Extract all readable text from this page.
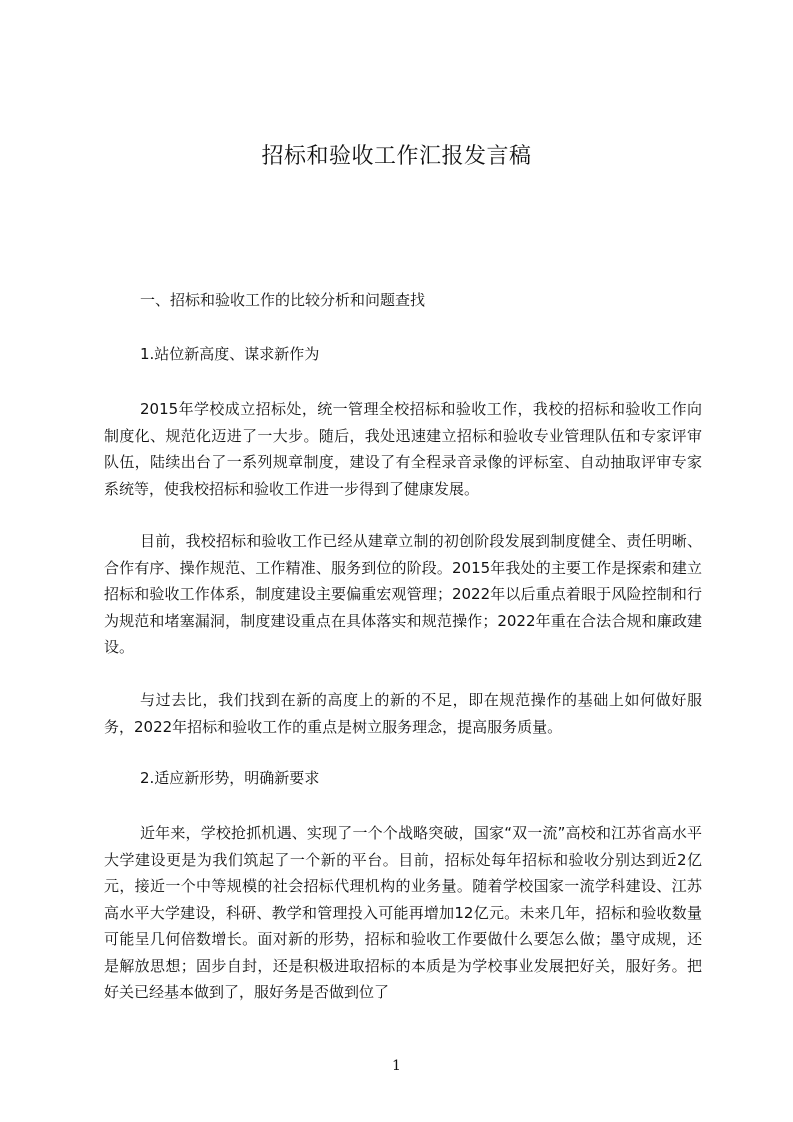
招标和验收工作汇报发言稿
一、招标和验收工作的比较分析和问题查找
1.站位新高度、谋求新作为
2015年学校成立招标处，统一管理全校招标和验收工作，我校的招标和验收工作向制度化、规范化迈进了一大步。随后，我处迅速建立招标和验收专业管理队伍和专家评审队伍，陆续出台了一系列规章制度，建设了有全程录音录像的评标室、自动抽取评审专家系统等，使我校招标和验收工作进一步得到了健康发展。
目前，我校招标和验收工作已经从建章立制的初创阶段发展到制度健全、责任明晰、合作有序、操作规范、工作精准、服务到位的阶段。2015年我处的主要工作是探索和建立招标和验收工作体系，制度建设主要偏重宏观管理；2022年以后重点着眼于风险控制和行为规范和堵塞漏洞，制度建设重点在具体落实和规范操作；2022年重在合法合规和廉政建设。
与过去比，我们找到在新的高度上的新的不足，即在规范操作的基础上如何做好服务，2022年招标和验收工作的重点是树立服务理念，提高服务质量。
2.适应新形势，明确新要求
近年来，学校抢抓机遇、实现了一个个战略突破，国家“双一流”高校和江苏省高水平大学建设更是为我们筑起了一个新的平台。目前，招标处每年招标和验收分别达到近2亿元，接近一个中等规模的社会招标代理机构的业务量。随着学校国家一流学科建设、江苏高水平大学建设，科研、教学和管理投入可能再增加12亿元。未来几年，招标和验收数量可能呈几何倍数增长。面对新的形势，招标和验收工作要做什么要怎么做；墨守成规，还是解放思想；固步自封，还是积极进取招标的本质是为学校事业发展把好关，服好务。把好关已经基本做到了，服好务是否做到位了
1
